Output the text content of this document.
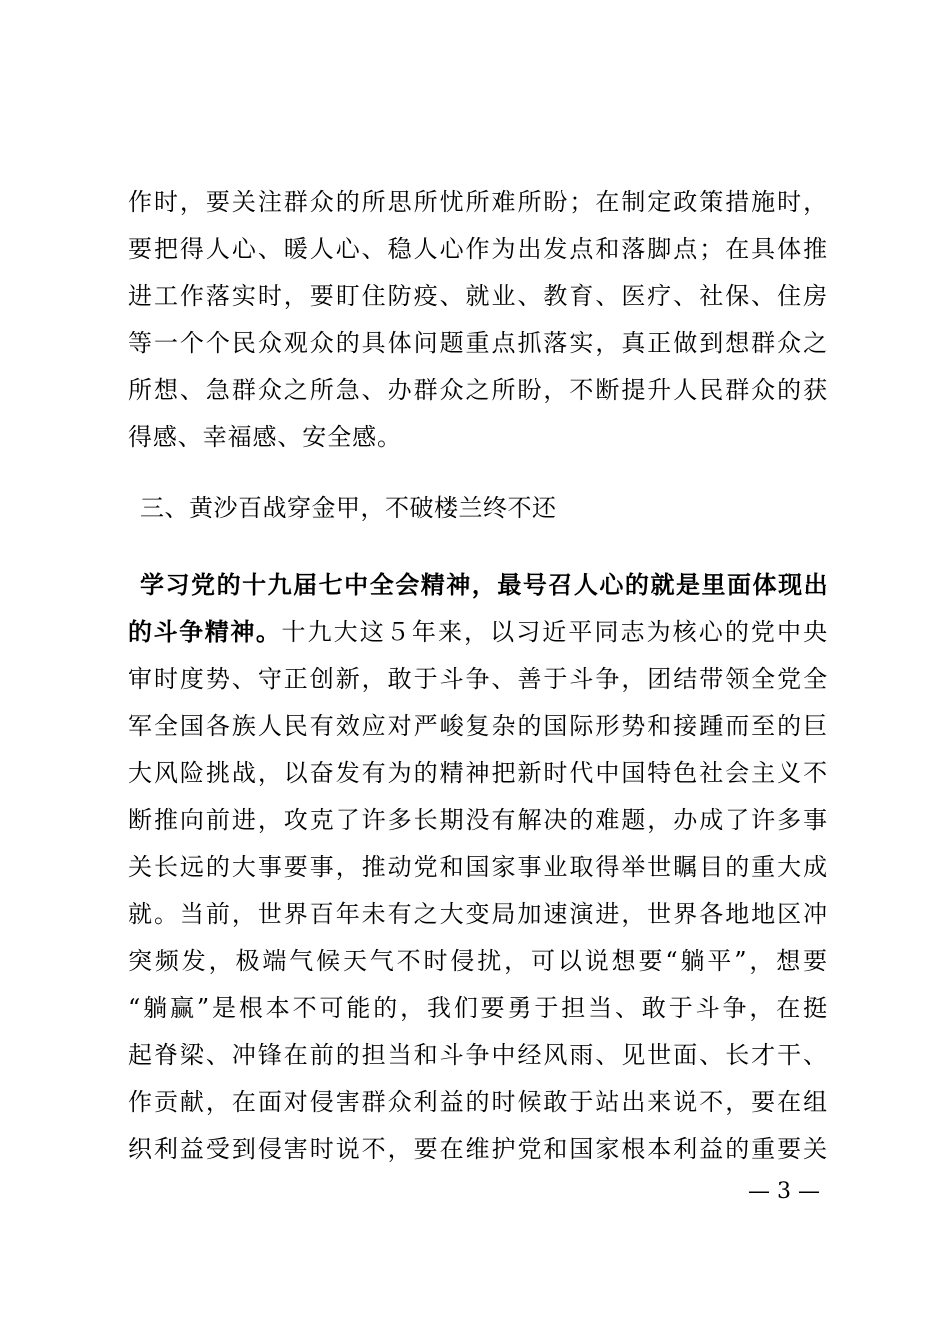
作时，要关注群众的所思所忧所难所盼；在制定政策措施时，
要把得人心、暖人心、稳人心作为出发点和落脚点；在具体推
进工作落实时，要盯住防疫、就业、教育、医疗、社保、住房
等一个个民众观众的具体问题重点抓落实，真正做到想群众之
所想、急群众之所急、办群众之所盼，不断提升人民群众的获
得感、幸福感、安全感。
三、黄沙百战穿金甲，不破楼兰终不还
学习党的十九届七中全会精神，最号召人心的就是里面体现出
的斗争精神。十九大这５年来，以习近平同志为核心的党中央
审时度势、守正创新，敢于斗争、善于斗争，团结带领全党全
军全国各族人民有效应对严峻复杂的国际形势和接踵而至的巨
大风险挑战，以奋发有为的精神把新时代中国特色社会主义不
断推向前进，攻克了许多长期没有解决的难题，办成了许多事
关长远的大事要事，推动党和国家事业取得举世瞩目的重大成
就。当前，世界百年未有之大变局加速演进，世界各地地区冲
突频发，极端气候天气不时侵扰，可以说想要“躺平”，想要
“躺赢”是根本不可能的，我们要勇于担当、敢于斗争，在挺
起脊梁、冲锋在前的担当和斗争中经风雨、见世面、长才干、
作贡献，在面对侵害群众利益的时候敢于站出来说不，要在组
织利益受到侵害时说不，要在维护党和国家根本利益的重要关
— 3 —
